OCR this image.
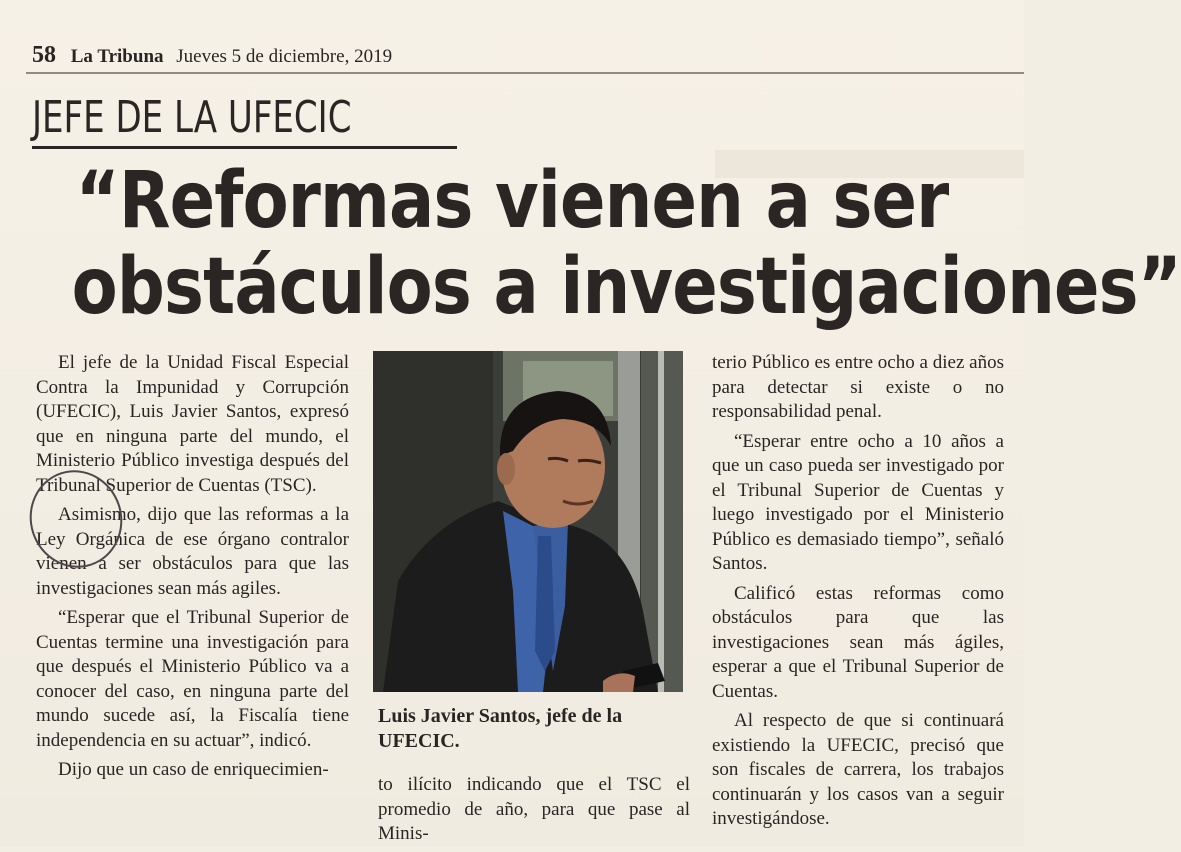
58 La Tribuna Jueves 5 de diciembre, 2019
JEFE DE LA UFECIC
“Reformas vienen a ser
obstáculos a investigaciones”

El jefe de la Unidad Fiscal Especial Contra la Impunidad y Corrupción (UFECIC), Luis Javier Santos, expresó que en ninguna parte del mundo, el Ministerio Público investiga después del Tribunal Superior de Cuentas (TSC).

Asimismo, dijo que las reformas a la Ley Orgánica de ese órgano contralor vienen a ser obstáculos para que las investigaciones sean más agiles.

“Esperar que el Tribunal Superior de Cuentas termine una investigación para que después el Ministerio Público va a conocer del caso, en ninguna parte del mundo sucede así, la Fiscalía tiene independencia en su actuar”, indicó.

Dijo que un caso de enriquecimien-

Luis Javier Santos, jefe de la UFECIC.

to ilícito indicando que el TSC el promedio de año, para que pase al Minis-

terio Público es entre ocho a diez años para detectar si existe o no responsabilidad penal.

“Esperar entre ocho a 10 años a que un caso pueda ser investigado por el Tribunal Superior de Cuentas y luego investigado por el Ministerio Público es demasiado tiempo”, señaló Santos.

Calificó estas reformas como obstáculos para que las investigaciones sean más ágiles, esperar a que el Tribunal Superior de Cuentas.

Al respecto de que si continuará existiendo la UFECIC, precisó que son fiscales de carrera, los trabajos continuarán y los casos van a seguir investigándose.
